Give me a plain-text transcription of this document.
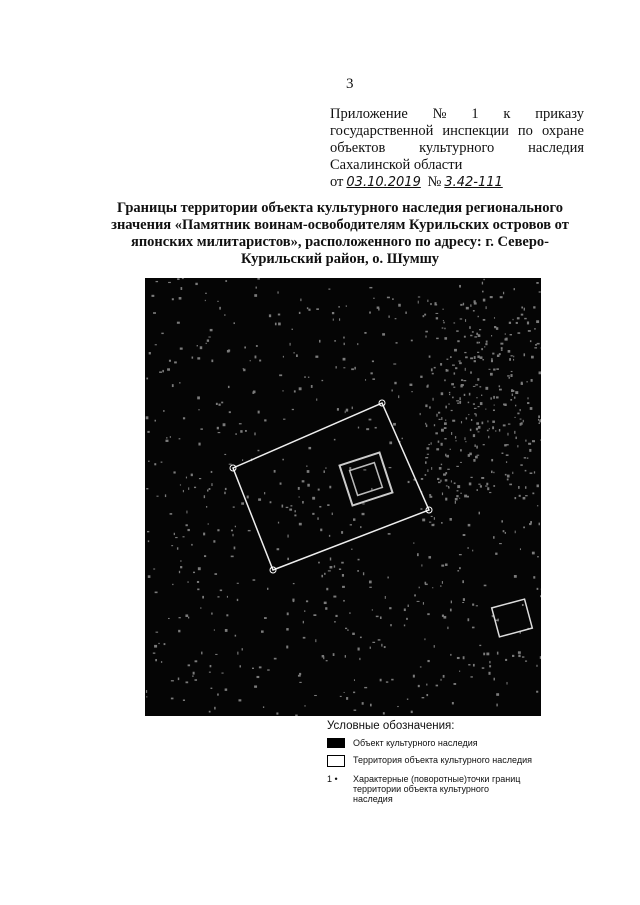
3
Приложение № 1 к приказу
государственной инспекции по охране
объектов культурного наследия
Сахалинской области
от 03.10.2019 № 3.42-111
Границы территории объекта культурного наследия регионального значения «Памятник воинам-освободителям Курильских островов от японских милитаристов», расположенного по адресу: г. Северо-Курильский район, о. Шумшу
Условные обозначения:
Объект культурного наследия
Территория объекта культурного наследия
1 •	Характерные (поворотные)точки границ территории объекта культурного наследия
